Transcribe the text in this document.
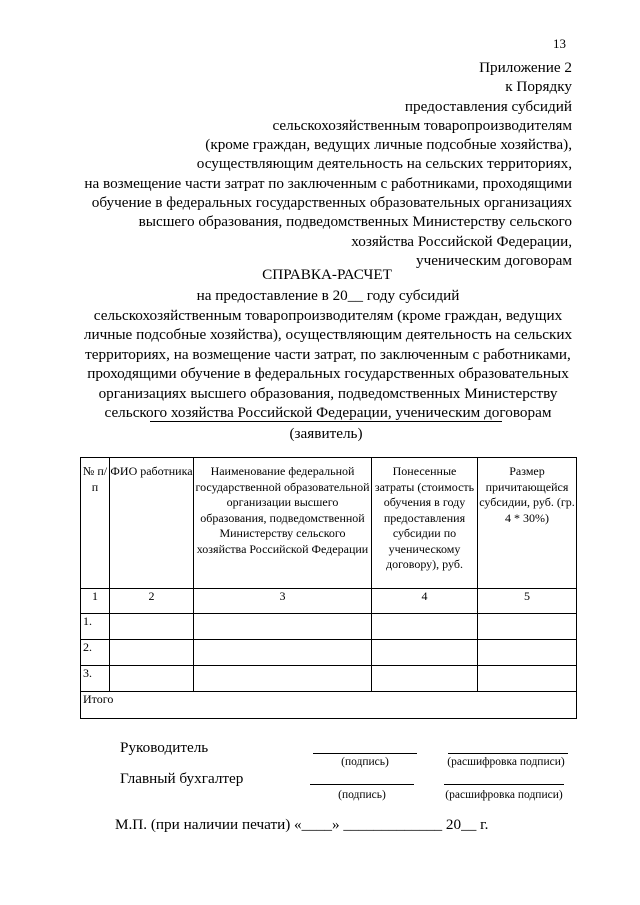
13
Приложение 2
к Порядку
предоставления субсидий
сельскохозяйственным товаропроизводителям
(кроме граждан, ведущих личные подсобные хозяйства),
осуществляющим деятельность на сельских территориях,
на возмещение части затрат по заключенным с работниками, проходящими
обучение в федеральных государственных образовательных организациях
высшего образования, подведомственных Министерству сельского
хозяйства Российской Федерации,
ученическим договорам
СПРАВКА-РАСЧЕТ
на предоставление в 20__ году субсидий
сельскохозяйственным товаропроизводителям (кроме граждан, ведущих
личные подсобные хозяйства), осуществляющим деятельность на сельских
территориях, на возмещение части затрат, по заключенным с работниками,
проходящими обучение в федеральных государственных образовательных
организациях высшего образования, подведомственных Министерству
сельского хозяйства Российской Федерации, ученическим договорам
(заявитель)
№ п/п	ФИО работника	Наименование федеральной государственной образовательной организации высшего образования, подведомственной Министерству сельского хозяйства Российской Федерации	Понесенные затраты (стоимость обучения в году предоставления субсидии по ученическому договору), руб.	Размер причитающейся субсидии, руб. (гр. 4 * 30%)
1	2	3	4	5
1.				
2.				
3.				
Итого				
Руководитель
(подпись)	(расшифровка подписи)
Главный бухгалтер
(подпись)	(расшифровка подписи)
М.П. (при наличии печати) «____» _____________ 20__ г.
